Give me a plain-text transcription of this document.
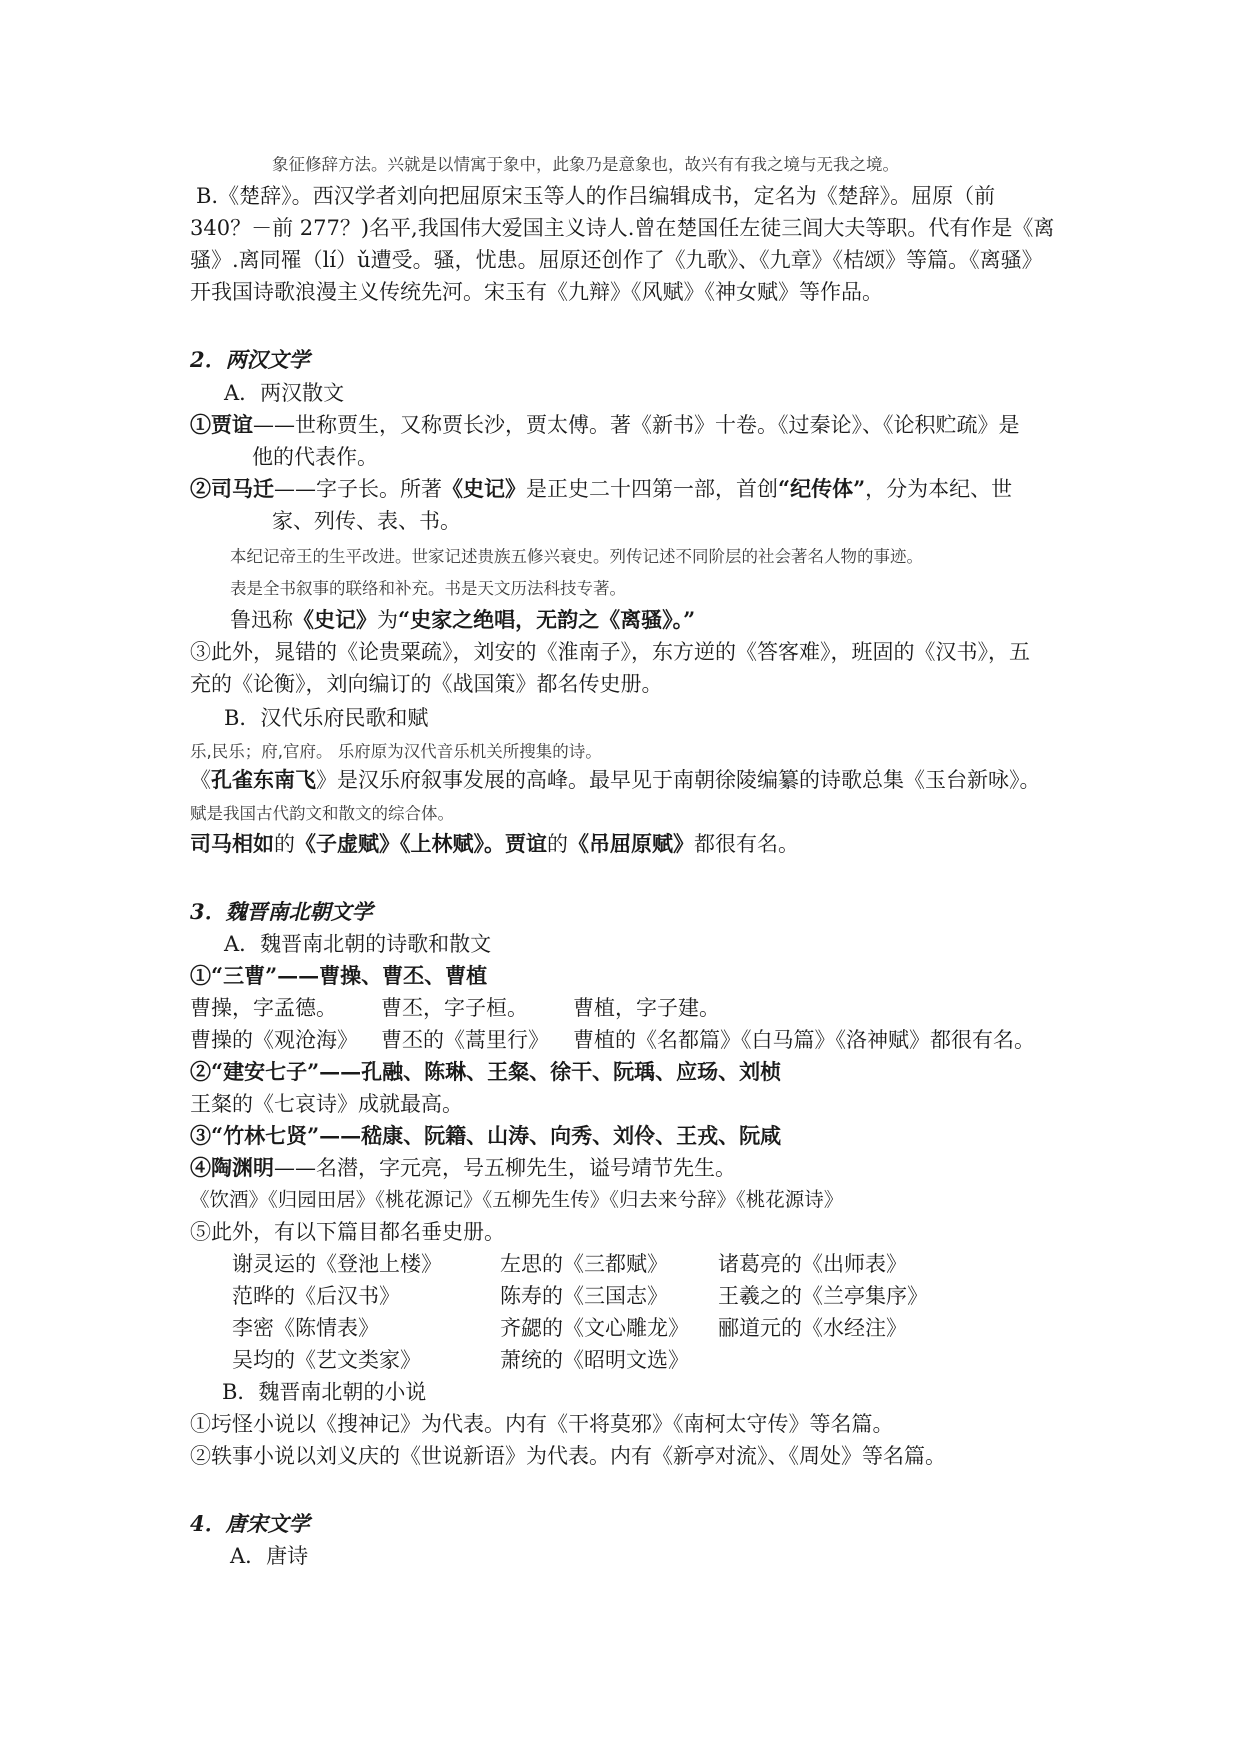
象征修辞方法。兴就是以情寓于象中，此象乃是意象也，故兴有有我之境与无我之境。
B.《楚辞》。西汉学者刘向把屈原宋玉等人的作吕编辑成书，定名为《楚辞》。屈原（前
340？－前 277？)名平,我国伟大爱国主义诗人.曾在楚国任左徒三闾大夫等职。代有作是《离
骚》.离同罹（lí）ǔ遭受。骚，忧患。屈原还创作了《九歌》、《九章》《桔颂》等篇。《离骚》
开我国诗歌浪漫主义传统先河。宋玉有《九辩》《风赋》《神女赋》等作品。
2．两汉文学
A．两汉散文
①贾谊——世称贾生，又称贾长沙，贾太傅。著《新书》十卷。《过秦论》、《论积贮疏》是
他的代表作。
②司马迁——字子长。所著《史记》是正史二十四第一部，首创“纪传体”，分为本纪、世
家、列传、表、书。
本纪记帝王的生平改进。世家记述贵族五修兴衰史。列传记述不同阶层的社会著名人物的事迹。
表是全书叙事的联络和补充。书是天文历法科技专著。
鲁迅称《史记》为“史家之绝唱，无韵之《离骚》。”
③此外，晁错的《论贵粟疏》，刘安的《淮南子》，东方逆的《答客难》，班固的《汉书》，五
充的《论衡》，刘向编订的《战国策》都名传史册。
B．汉代乐府民歌和赋
乐,民乐；府,官府。 乐府原为汉代音乐机关所搜集的诗。
《孔雀东南飞》是汉乐府叙事发展的高峰。最早见于南朝徐陵编纂的诗歌总集《玉台新咏》。
赋是我国古代韵文和散文的综合体。
司马相如的《子虚赋》《上林赋》。贾谊的《吊屈原赋》都很有名。
3．魏晋南北朝文学
A．魏晋南北朝的诗歌和散文
①“三曹”——曹操、曹丕、曹植
曹操，字孟德。 曹丕，字子桓。 曹植，字子建。
曹操的《观沧海》 曹丕的《蒿里行》 曹植的《名都篇》《白马篇》《洛神赋》都很有名。
②“建安七子”——孔融、陈琳、王粲、徐干、阮瑀、应玚、刘桢
王粲的《七哀诗》成就最高。
③“竹林七贤”——嵇康、阮籍、山涛、向秀、刘伶、王戎、阮咸
④陶渊明——名潜，字元亮，号五柳先生，谥号靖节先生。
《饮酒》《归园田居》《桃花源记》《五柳先生传》《归去来兮辞》《桃花源诗》
⑤此外，有以下篇目都名垂史册。
谢灵运的《登池上楼》	左思的《三都赋》 诸葛亮的《出师表》
范晔的《后汉书》	陈寿的《三国志》 王羲之的《兰亭集序》
李密《陈情表》	齐勰的《文心雕龙》 郦道元的《水经注》
吴均的《艺文类家》	萧统的《昭明文选》
B．魏晋南北朝的小说
①圬怪小说以《搜神记》为代表。内有《干将莫邪》《南柯太守传》等名篇。
②轶事小说以刘义庆的《世说新语》为代表。内有《新亭对流》、《周处》等名篇。
4．唐宋文学
A．唐诗
